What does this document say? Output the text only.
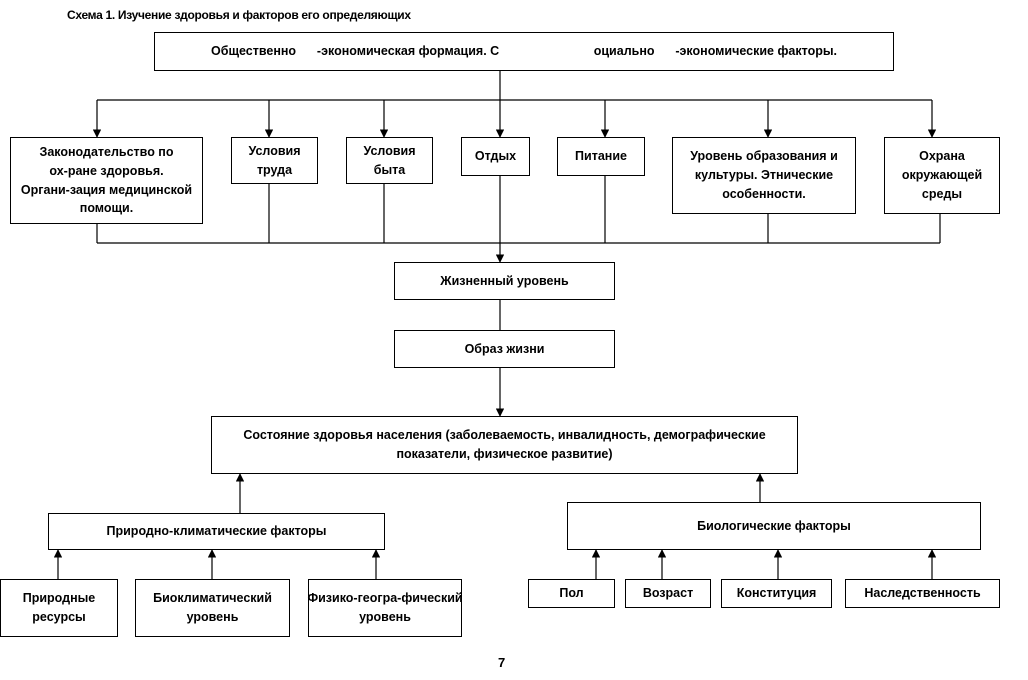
Схема 1. Изучение здоровья и факторов его определяющих
Общественно ‑экономическая формация. С	оциально ‑экономические факторы.
Законодательство по ох‑ране здоровья. Органи‑зация медицинской помощи.
Условия труда
Условия быта
Отдых	Питание	Уровень образования и культуры. Этнические особенности.
Охрана окружающей среды
Жизненный уровень
Образ жизни
Состояние здоровья населения (заболеваемость, инвалидность, демографические показатели, физическое развитие)
Природно‑климатические факторы	Биологические факторы
Природные ресурсы
Биоклиматический уровень
Физико‑геогра‑фический уровень
Пол	Возраст	Конституция	Наследственность
7
